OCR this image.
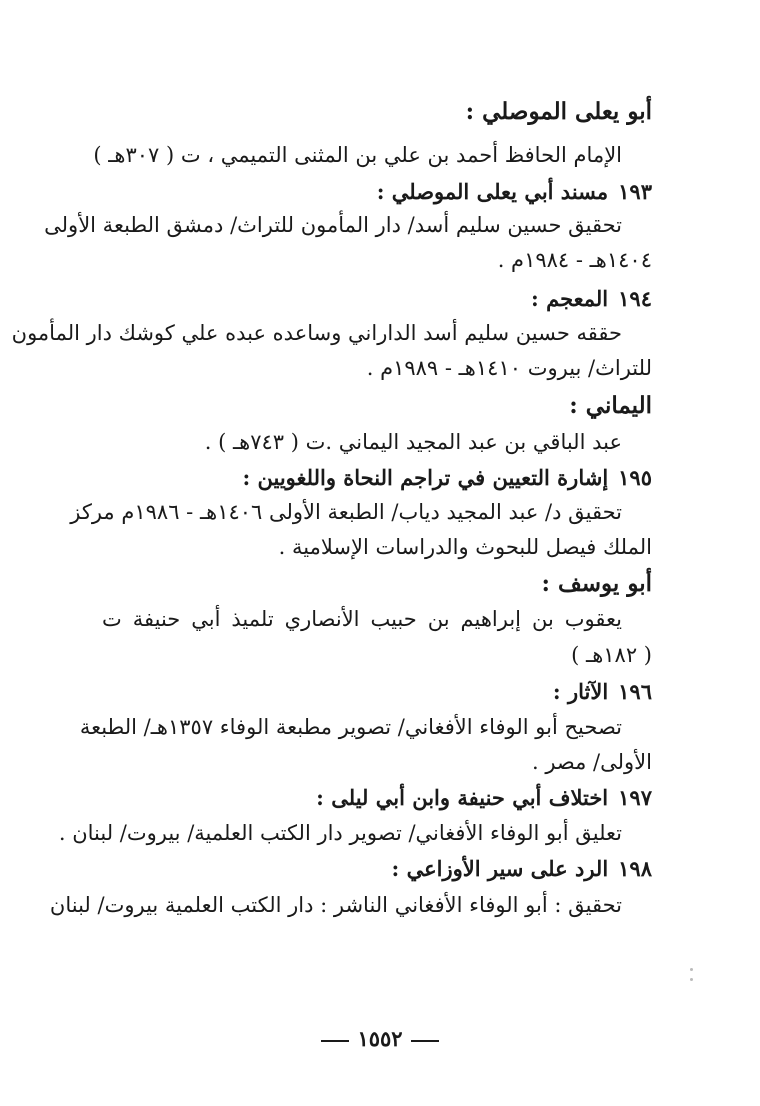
أبو يعلى الموصلي :
الإمام الحافظ أحمد بن علي بن المثنى التميمي ، ت ( ٣٠٧هـ )
١٩٣مسند أبي يعلى الموصلي :
تحقيق حسين سليم أسد/ دار المأمون للتراث/ دمشق الطبعة الأولى
١٤٠٤هـ - ١٩٨٤م .
١٩٤المعجم :
حققه حسين سليم أسد الداراني وساعده عبده علي كوشك دار المأمون
للتراث/ بيروت ١٤١٠هـ - ١٩٨٩م .
اليماني :
عبد الباقي بن عبد المجيد اليماني .ت ( ٧٤٣هـ ) .
١٩٥إشارة التعيين في تراجم النحاة واللغويين :
تحقيق د/ عبد المجيد دياب/ الطبعة الأولى ١٤٠٦هـ - ١٩٨٦م مركز
الملك فيصل للبحوث والدراسات الإسلامية .
أبو يوسف :
يعقوب بن إبراهيم بن حبيب الأنصاري تلميذ أبي حنيفة ت
( ١٨٢هـ )
١٩٦الآثار :
تصحيح أبو الوفاء الأفغاني/ تصوير مطبعة الوفاء ١٣٥٧هـ/ الطبعة
الأولى/ مصر .
١٩٧اختلاف أبي حنيفة وابن أبي ليلى :
تعليق أبو الوفاء الأفغاني/ تصوير دار الكتب العلمية/ بيروت/ لبنان .
١٩٨الرد على سير الأوزاعي :
تحقيق : أبو الوفاء الأفغاني الناشر : دار الكتب العلمية بيروت/ لبنان
١٥٥٢
